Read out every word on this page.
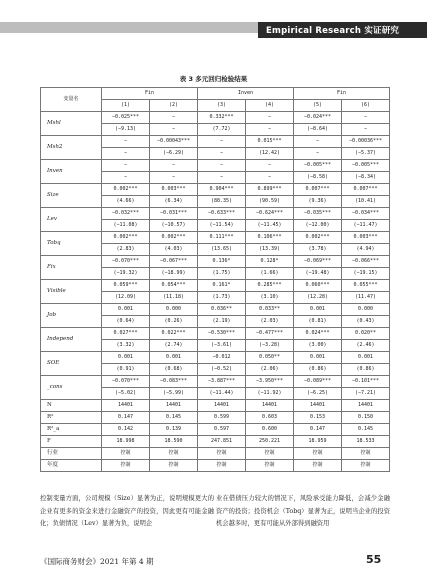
Empirical Research 实证研究
表 3 多元回归检验结果
变量名	Fin		Inven		Fin	
	(1)	(2)	(3)	(4)	(5)	(6)
Mshl	−0.025***	−	0.332***	−	−0.024***	−
	(−9.13)	−	(7.72)	−	(−8.64)	−
Msh2	−	−0.00043***	−	0.015***	−	−0.00036***
	−	(−6.29)	−	(12.42)	−	(−5.37)
Inven	−	−	−	−	−0.005***	−0.005***
	−	−	−	−	(−8.58)	(−8.34)
Size	0.002***	0.003***	0.904***	0.899***	0.007***	0.007***
	(4.66)	(6.34)	(88.35)	(90.59)	(9.36)	(10.41)
Lev	−0.032***	−0.031***	−0.633***	−0.624***	−0.035***	−0.034***
	(−11.08)	(−10.57)	(−11.54)	(−11.45)	(−12.00)	(−11.47)
Tobq	0.002***	0.002***	0.111***	0.106***	0.002***	0.003***
	(2.83)	(4.03)	(13.65)	(13.39)	(3.78)	(4.94)
Fix	−0.070***	−0.067***	0.136*	0.128*	−0.069***	−0.066***
	(−19.32)	(−18.99)	(1.75)	(1.66)	(−19.48)	(−19.15)
Visible	0.059***	0.054***	0.161*	0.285***	0.060***	0.055***
	(12.09)	(11.18)	(1.73)	(3.10)	(12.28)	(11.47)
Job	0.001	0.000	0.036**	0.033**	0.001	0.000
	(0.64)	(0.26)	(2.19)	(2.03)	(0.81)	(0.43)
Independ	0.027***	0.022***	−0.530***	−0.477***	0.024***	0.020**
	(3.32)	(2.74)	(−3.61)	(−3.28)	(3.00)	(2.46)
SOE	0.001	0.001	−0.012	0.050**	0.001	0.001
	(0.91)	(0.68)	(−0.52)	(2.06)	(0.86)	(0.86)
_cons	−0.070***	−0.083***	−3.887***	−3.950***	−0.089***	−0.101***
	(−5.02)	(−5.99)	(−11.44)	(−11.92)	(−6.25)	(−7.21)
N	14401	14401	14401	14401	14401	14401
R²	0.147	0.145	0.599	0.603	0.153	0.150
R²_a	0.142	0.139	0.597	0.600	0.147	0.145
F	18.998	18.590	247.851	250.221	18.959	18.533
行业	控制	控制	控制	控制	控制	控制
年度	控制	控制	控制	控制	控制	控制
控制变量方面，公司规模（Size）显著为正，说明规模更大的企业有更多的资金来进行金融资产的投资，因此更有可能金融化；负债情况（Lev）显著为负，说明企
业在借债压力较大的情况下，风险承受能力降低，会减少金融资产的投资；投资机会（Tobq）显著为正，说明当企业的投资机会越多时，更有可能从外部得到融资用
《国际商务财会》2021 年第 4 期	55
